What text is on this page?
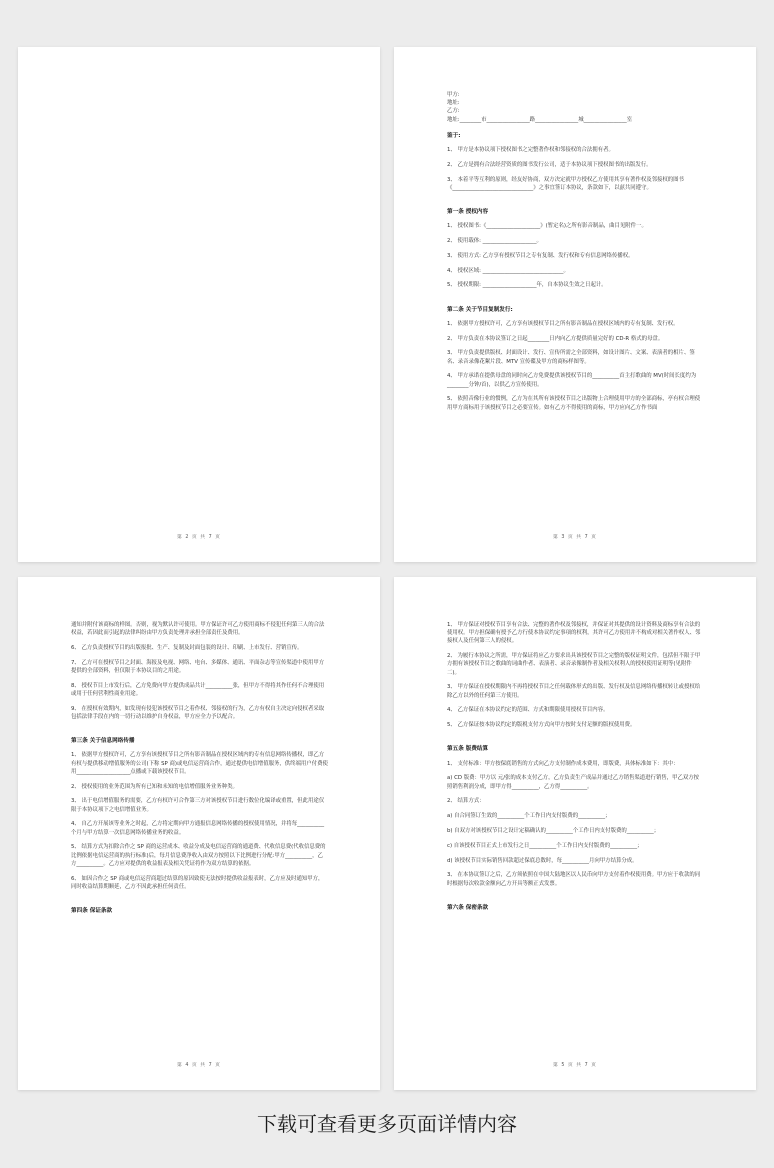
第 2 页 共 7 页

甲方:

地址:

乙方:

地址:________市________________路________________城________________室

鉴于:

1、 甲方是本协议项下授权图书之完整著作权和邻接权的合法拥有者。

2、 乙方是拥有合法经营资质的图书发行公司，适于本协议项下授权图书的出版发行。

3、 本着平等互利的原则，经友好协商，双方决定就甲方授权乙方使用其享有著作权及邻接权的图书《______________________________》之事宜签订本协议，条款如下，以兹共同遵守。

第一条 授权内容

1、 授权图书:《____________________》(暂定名)之所有影音制品，曲目见附件一。

2、 使用载体: ____________________。

3、 使用方式: 乙方享有授权节目之专有复制、发行权和专有信息网络传播权。

4、 授权区域: ______________________________。

5、 授权期限: ____________________年，自本协议生效之日起计。

第二条 关于节目复制发行:

1、 依据甲方授权许可，乙方享有该授权节目之所有影音制品在授权区域内的专有复制、发行权。

2、 甲方负责在本协议签订之日起________日内向乙方提供质量完好的 CD-R 格式的母盘。

3、 甲方负责提供版权、封面设计、发行、宣传所需之全部资料，如设计图片、文案、表演者的相片、签名、录音录像花絮片段、MTV 宣传碟及甲方的商标样图等。

4、 甲方承诺在提供母盘的同时向乙方免费提供该授权节目的__________首主打歌曲的 MV(时间长度约为________分钟/首)，以供乙方宣传使用。

5、 依照音像行业的惯例，乙方为在其所有该授权节目之出版物上合理使用甲方的全部商标，亭有权合理使用甲方商标用于该授权节目之必要宣传。如有乙方不得使用的商标，甲方应向乙方作书面

第 3 页 共 7 页

通知并附付该商标的样图。否则，视为默认许可使用。甲方保证许可乙方使用商标不侵犯任何第三人的合法权益，若因此而引起的法律纠纷由甲方负责处理并承担全部责任及费用。

6、 乙方负责授权节目的出版报批、生产、复制及封面包装的设计、印刷、上市发行、营销宣传。

7、 乙方可在授权节目之封面、海报及电视、网络、电台、多媒体、通讯、平面杂志等宣传渠道中使用甲方提供的全部资料，但仅限于本协议目的之用途。

8、 授权节目上市发行后，乙方免费向甲方提供成品共计__________张，但甲方不得将其作任何不合理使用或用于任何营利性商业用途。

9、 在授权有效期内，如发现有侵犯该授权节目之着作权、邻接权的行为，乙方有权自主决定向侵权者采取包括法律手段在内的一切行动以维护自身权益，甲方应全力予以配合。

第三条 关于信息网络传播

1、 依据甲方授权许可，乙方享有该授权节目之所有影音制品在授权区域内的专有信息网络传播权，即乙方有权与提供移动增值服务的公司(下称 SP 商)或电信运营商合作，通过提供电信增值服务，供终端用户付费使用____________________点播或下载该授权节目。

2、 授权使用的业务范围为所有已知和未知的电信增值服务业务种类。

3、 出于电信增值服务的需要，乙方有权许可合作第三方对该授权节目进行数位化编译或重置，但此用途仅限于本协议项下之电信增值业务。

4、 自乙方开展该等业务之时起，乙方将定期向甲方通报信息网络传播的授权使用情况，并将每__________个月与甲方结算一次信息网络传播业务的收益。

5、 结算方式为扣除合作之 SP 商的运营成本、收益分成及电信运营商的通道费、代收信息费(代收信息费的比例依据电信运营商的执行标准)后，每月信息费净收入由双方按照以下比例进行分配:甲方__________，乙方__________。乙方应对提供的收益报表及相关凭证将作为双方结算的依据。

6、 如因合作之 SP 商或电信运营商超过结算的原因致使无法按时提供收益报表时，乙方应及时通知甲方，同时收益结算期顺延，乙方不因此承担任何责任。

第四条 保证条款

第 4 页 共 7 页

1、 甲方保证对授权节目享有合法、完整的著作权及邻接权，并保证对其提供的设计资料及商标享有合法的使用权。甲方担保确有授予乙方行使本协议约定事项的权利，其许可乙方使用并不构成对相关著作权人、邻接权人及任何第三人的侵权。

2、 为履行本协议之所需，甲方保证将应乙方要求出具该授权节目之完整的版权证明文件，包括但不限于甲方拥有该授权节目之歌曲的词曲作者、表演者、录音录像制作者及相关权利人的授权使用证明等(见附件二)。

3、 甲方保证在授权期限内不再将授权节目之任何载体形式的出版、发行权及信息网络传播权转让或授权给除乙方以外的任何第三方使用。

4、 乙方保证在本协议约定的范围、方式和期限使用授权节目内容。

5、 乙方保证按本协议约定的版税支付方式向甲方按时支付足额的版权使用费。

第五条 版费结算

1、 支付标准：甲方按保底销售的方式向乙方支付制作成本费用，即版费，具体标准如下：其中：

a) CD 版费：甲方以 元/张的成本支付乙方，乙方负责生产成品并通过乙方销售渠道进行销售，甲乙双方按照销售利润分成，即甲方得__________，乙方得__________。

2、 结算方式：

a) 自合同签订生效的__________个工作日内支付版费的__________；

b) 自双方对该授权节目之设计定稿确认的__________个工作日内支付版费的__________；

c) 自该授权节目正式上市发行之日__________个工作日内支付版费的__________；

d) 该授权节目实际销售回款超过保底总数时，每__________月向甲方结算分成。

3、 在本协议签订之后，乙方须依照在中国大陆地区以人民币向甲方支付着作权使用费。甲方应于收款的同时根据每次收款金额向乙方开具等额正式发票。

第六条 保密条款

第 5 页 共 7 页
下载可查看更多页面详情内容
